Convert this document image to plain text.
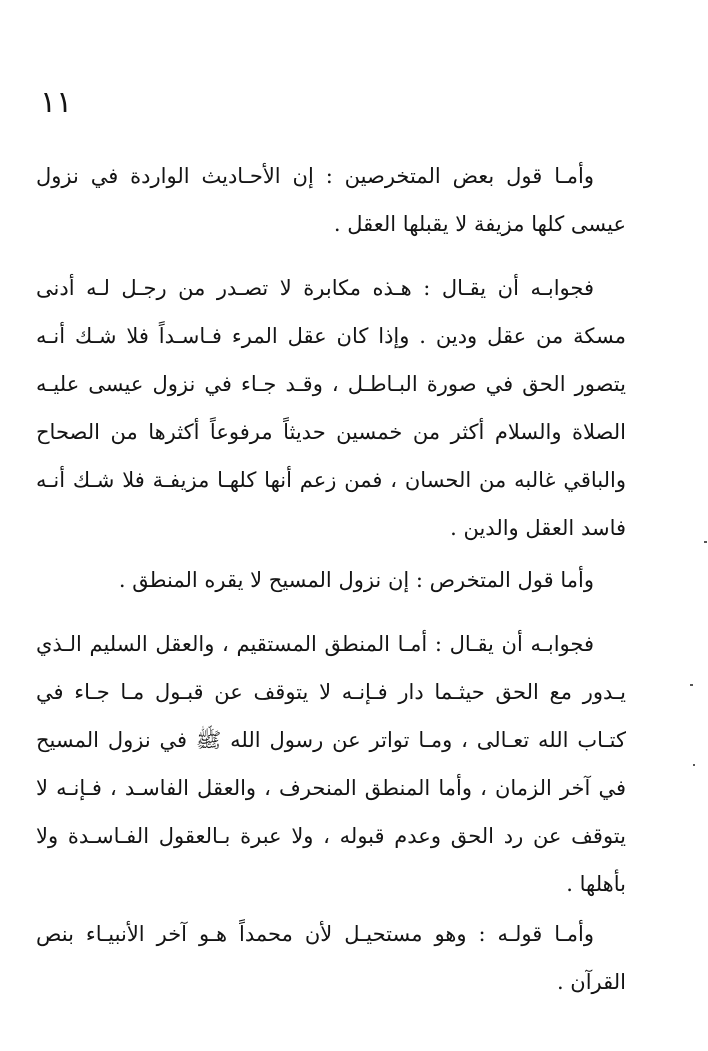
١١
وأمـا قول بعض المتخرصين : إن الأحـاديث الواردة في نزول
عيسى كلها مزيفة لا يقبلها العقل .
فجوابـه أن يقـال : هـذه مكابرة لا تصـدر من رجـل لـه أدنى
مسكة من عقل ودين . وإذا كان عقل المرء فـاسـداً فلا شـك أنـه
يتصور الحق في صورة البـاطـل ، وقـد جـاء في نزول عيسى عليـه
الصلاة والسلام أكثر من خمسين حديثاً مرفوعاً أكثرها من الصحاح
والباقي غالبه من الحسان ، فمن زعم أنها كلهـا مزيفـة فلا شـك أنـه
فاسد العقل والدين .
وأما قول المتخرص : إن نزول المسيح لا يقره المنطق .
فجوابـه أن يقـال : أمـا المنطق المستقيم ، والعقل السليم الـذي
يـدور مع الحق حيثـما دار فـإنـه لا يتوقف عن قبـول مـا جـاء في
كتـاب الله تعـالى ، ومـا تواتر عن رسول الله ﷺ في نزول المسيح
في آخر الزمان ، وأما المنطق المنحرف ، والعقل الفاسـد ، فـإنـه لا
يتوقف عن رد الحق وعدم قبوله ، ولا عبرة بـالعقول الفـاسـدة ولا
بأهلها .
وأمـا قولـه : وهو مستحيـل لأن محمداً هـو آخر الأنبيـاء بنص
القرآن .
